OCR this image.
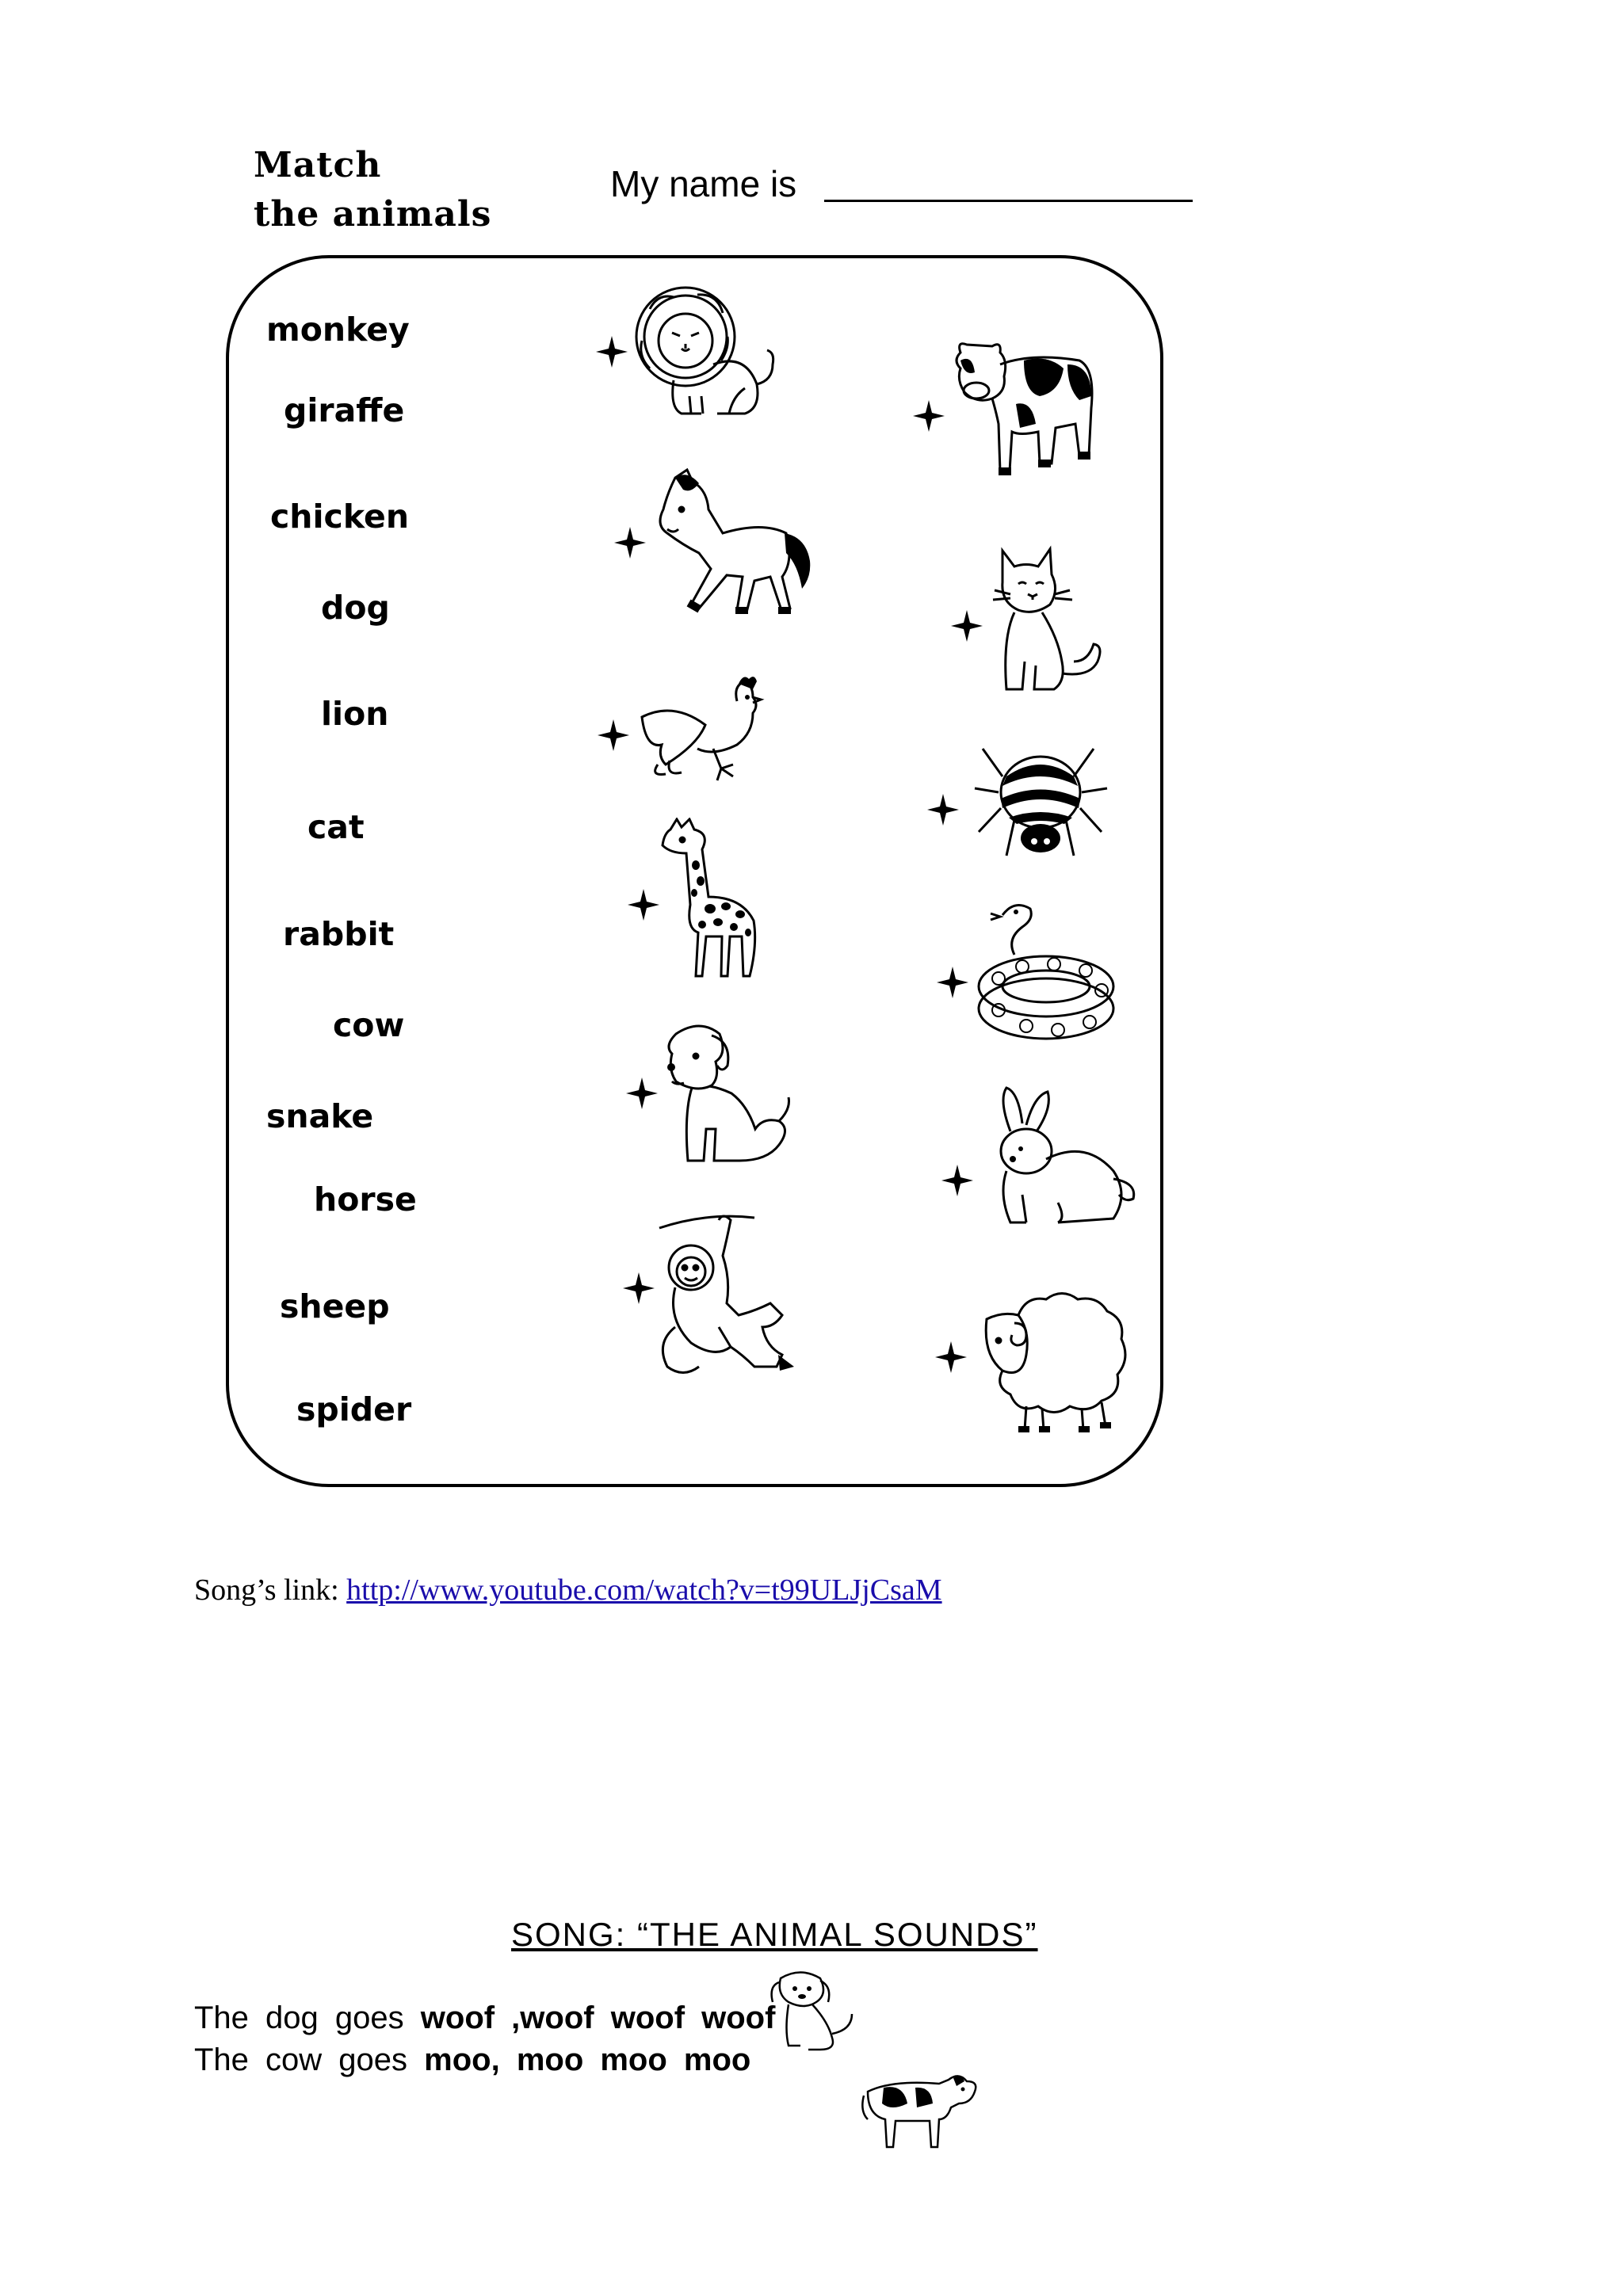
Match
the animals
My name is
monkey
giraffe
chicken
dog
lion
cat
rabbit
cow
snake
horse
sheep
spider
Song’s link: http://www.youtube.com/watch?v=t99ULJjCsaM
SONG: “THE ANIMAL SOUNDS”
The dog goes woof ,woof woof woof
The cow goes moo, moo moo moo
